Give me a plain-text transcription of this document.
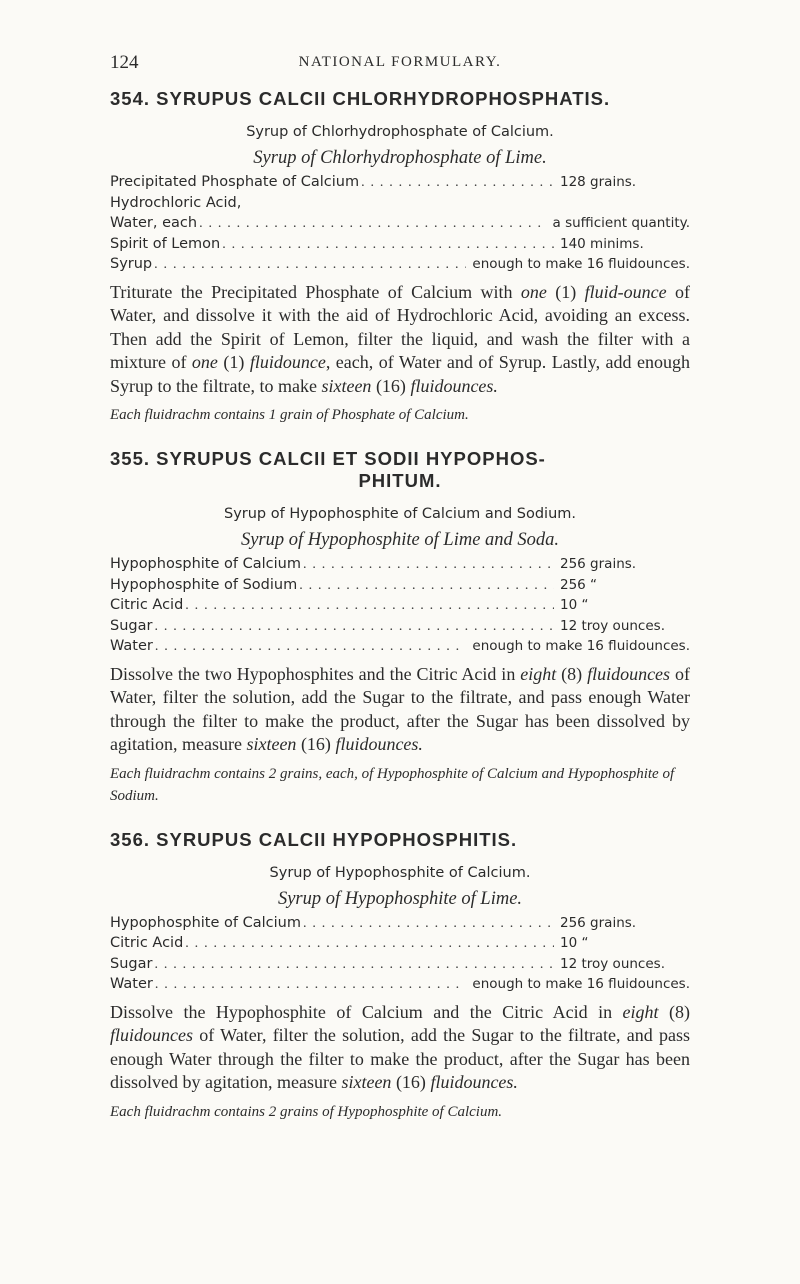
124	NATIONAL FORMULARY.
354. SYRUPUS CALCII CHLORHYDROPHOSPHATIS.
Syrup of Chlorhydrophosphate of Calcium.
Syrup of Chlorhydrophosphate of Lime.
Precipitated Phosphate of Calcium . . .	128 grains.
Hydrochloric Acid,
Water, each . . .	a sufficient quantity.
Spirit of Lemon . . .	140 minims.
Syrup . . .	enough to make 16 fluidounces.

Triturate the Precipitated Phosphate of Calcium with one (1) fluid-ounce of Water, and dissolve it with the aid of Hydrochloric Acid, avoiding an excess. Then add the Spirit of Lemon, filter the liquid, and wash the filter with a mixture of one (1) fluidounce, each, of Water and of Syrup. Lastly, add enough Syrup to the filtrate, to make sixteen (16) fluidounces.

Each fluidrachm contains 1 grain of Phosphate of Calcium.

355. SYRUPUS CALCII ET SODII HYPOPHOS-

PHITUM.
Syrup of Hypophosphite of Calcium and Sodium.
Syrup of Hypophosphite of Lime and Soda.
Hypophosphite of Calcium . . .	256 grains.
Hypophosphite of Sodium . . .	256 “
Citric Acid . . .	10 “
Sugar . . .	12 troy ounces.
Water . . .	enough to make 16 fluidounces.

Dissolve the two Hypophosphites and the Citric Acid in eight (8) fluidounces of Water, filter the solution, add the Sugar to the filtrate, and pass enough Water through the filter to make the product, after the Sugar has been dissolved by agitation, measure sixteen (16) fluidounces.

Each fluidrachm contains 2 grains, each, of Hypophosphite of Calcium and Hypophosphite of Sodium.

356. SYRUPUS CALCII HYPOPHOSPHITIS.
Syrup of Hypophosphite of Calcium.
Syrup of Hypophosphite of Lime.
Hypophosphite of Calcium . . .	256 grains.
Citric Acid . . .	10 “
Sugar . . .	12 troy ounces.
Water . . .	enough to make 16 fluidounces.

Dissolve the Hypophosphite of Calcium and the Citric Acid in eight (8) fluidounces of Water, filter the solution, add the Sugar to the filtrate, and pass enough Water through the filter to make the product, after the Sugar has been dissolved by agitation, measure sixteen (16) fluidounces.

Each fluidrachm contains 2 grains of Hypophosphite of Calcium.
